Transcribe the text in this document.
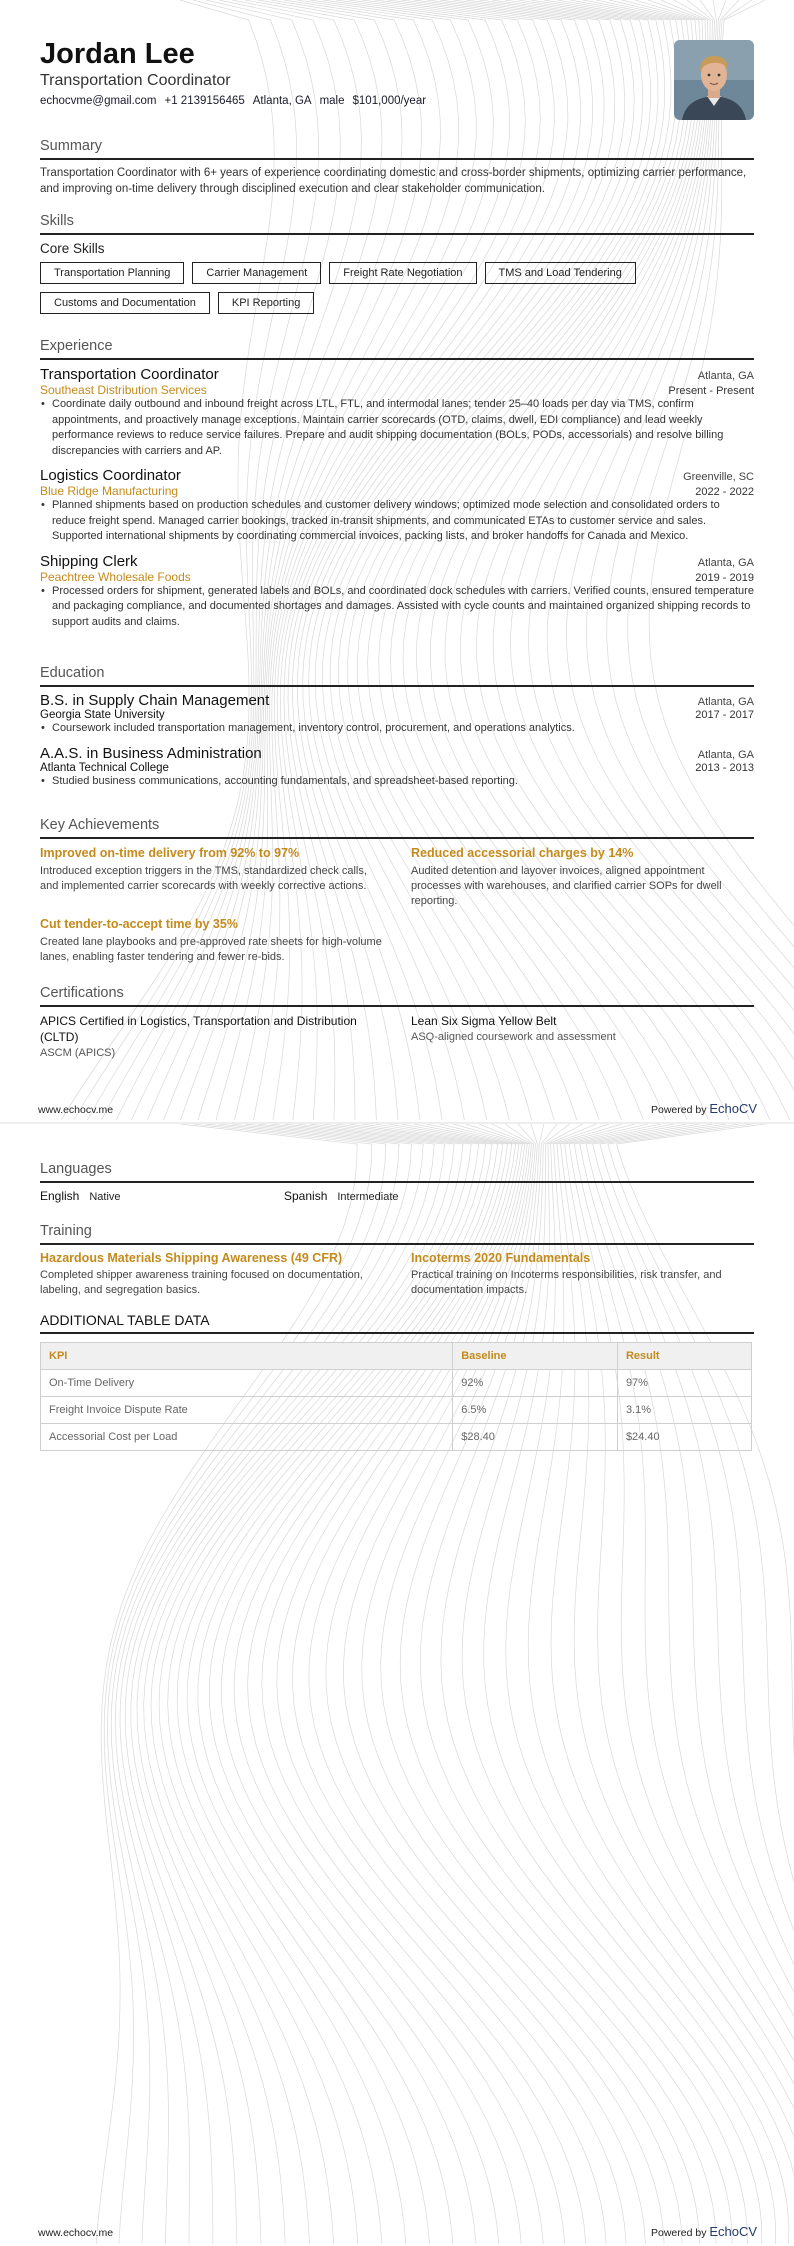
Jordan Lee
Transportation Coordinator
echocvme@gmail.com +1 2139156465 Atlanta, GA male $101,000/year
Summary
Transportation Coordinator with 6+ years of experience coordinating domestic and cross-border shipments, optimizing carrier performance, and improving on-time delivery through disciplined execution and clear stakeholder communication.
Skills
Core Skills
Transportation Planning	Carrier Management	Freight Rate Negotiation	TMS and Load Tendering
Customs and Documentation	KPI Reporting
Experience
Transportation Coordinator	Atlanta, GA
Southeast Distribution Services	Present - Present
• Coordinate daily outbound and inbound freight across LTL, FTL, and intermodal lanes; tender 25–40 loads per day via TMS, confirm appointments, and proactively manage exceptions. Maintain carrier scorecards (OTD, claims, dwell, EDI compliance) and lead weekly performance reviews to reduce service failures. Prepare and audit shipping documentation (BOLs, PODs, accessorials) and resolve billing discrepancies with carriers and AP.
Logistics Coordinator	Greenville, SC
Blue Ridge Manufacturing	2022 - 2022
• Planned shipments based on production schedules and customer delivery windows; optimized mode selection and consolidated orders to reduce freight spend. Managed carrier bookings, tracked in-transit shipments, and communicated ETAs to customer service and sales. Supported international shipments by coordinating commercial invoices, packing lists, and broker handoffs for Canada and Mexico.
Shipping Clerk	Atlanta, GA
Peachtree Wholesale Foods	2019 - 2019
• Processed orders for shipment, generated labels and BOLs, and coordinated dock schedules with carriers. Verified counts, ensured temperature and packaging compliance, and documented shortages and damages. Assisted with cycle counts and maintained organized shipping records to support audits and claims.
Education
B.S. in Supply Chain Management	Atlanta, GA
Georgia State University	2017 - 2017
• Coursework included transportation management, inventory control, procurement, and operations analytics.
A.A.S. in Business Administration	Atlanta, GA
Atlanta Technical College	2013 - 2013
• Studied business communications, accounting fundamentals, and spreadsheet-based reporting.
Key Achievements
Improved on-time delivery from 92% to 97%
Introduced exception triggers in the TMS, standardized check calls, and implemented carrier scorecards with weekly corrective actions.
Reduced accessorial charges by 14%
Audited detention and layover invoices, aligned appointment processes with warehouses, and clarified carrier SOPs for dwell reporting.
Cut tender-to-accept time by 35%
Created lane playbooks and pre-approved rate sheets for high-volume lanes, enabling faster tendering and fewer re-bids.
Certifications
APICS Certified in Logistics, Transportation and Distribution (CLTD)
ASCM (APICS)
Lean Six Sigma Yellow Belt
ASQ-aligned coursework and assessment
www.echocv.me	Powered by EchoCV
Languages
English Native	Spanish Intermediate
Training
Hazardous Materials Shipping Awareness (49 CFR)
Completed shipper awareness training focused on documentation, labeling, and segregation basics.
Incoterms 2020 Fundamentals
Practical training on Incoterms responsibilities, risk transfer, and documentation impacts.
ADDITIONAL TABLE DATA
KPI	Baseline	Result
On-Time Delivery	92%	97%
Freight Invoice Dispute Rate	6.5%	3.1%
Accessorial Cost per Load	$28.40	$24.40
www.echocv.me	Powered by EchoCV
